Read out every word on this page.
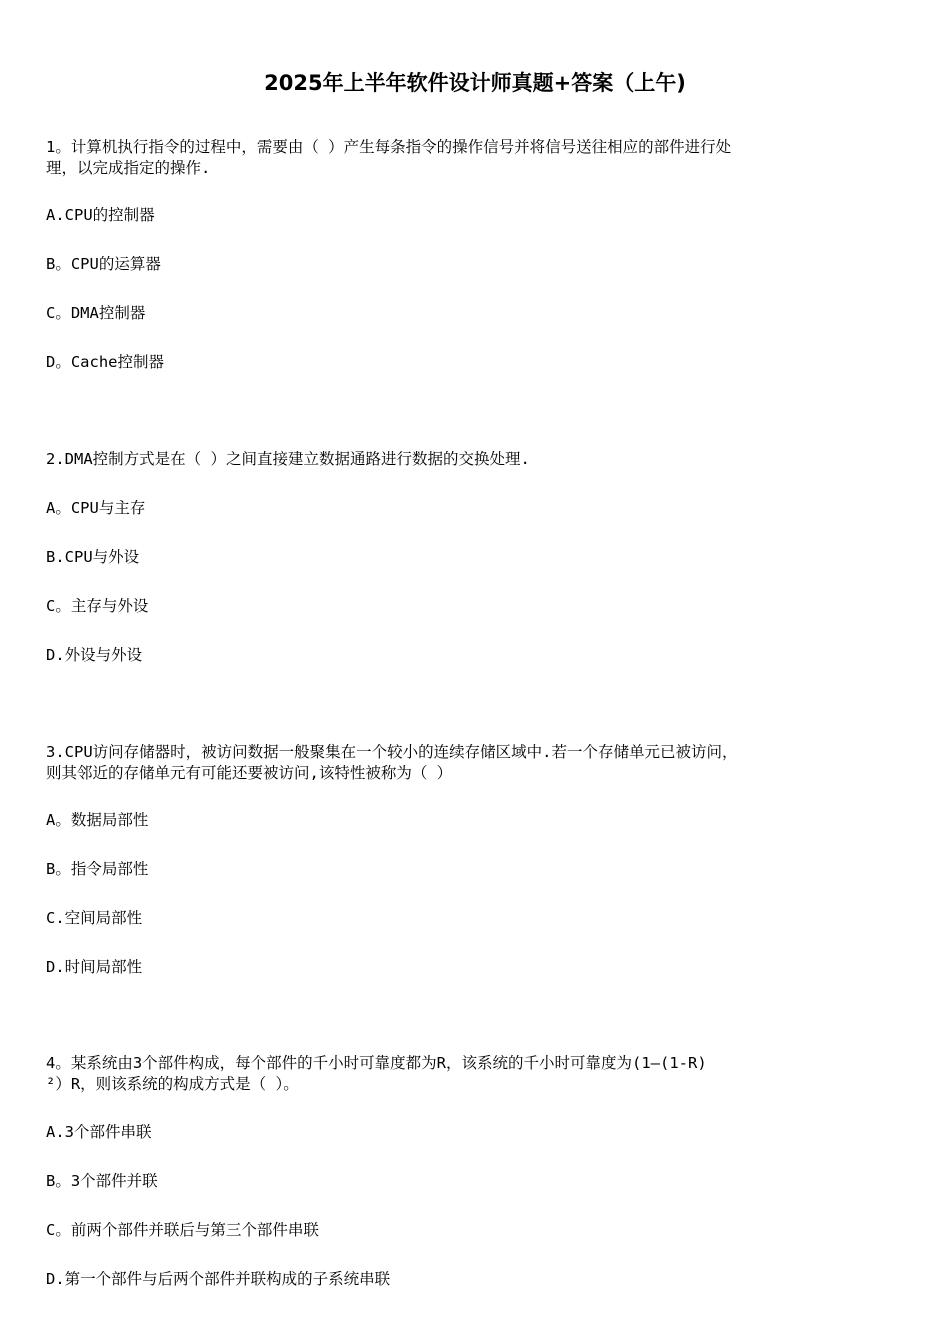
2025年上半年软件设计师真题+答案（上午)
1。计算机执行指令的过程中，需要由（ ）产生每条指令的操作信号并将信号送往相应的部件进行处
理，以完成指定的操作.
A.CPU的控制器
B。CPU的运算器
C。DMA控制器
D。Cache控制器
2.DMA控制方式是在（ ）之间直接建立数据通路进行数据的交换处理.
A。CPU与主存
B.CPU与外设
C。主存与外设
D.外设与外设
3.CPU访问存储器时，被访问数据一般聚集在一个较小的连续存储区域中.若一个存储单元已被访问，
则其邻近的存储单元有可能还要被访问,该特性被称为（ ）
A。数据局部性
B。指令局部性
C.空间局部性
D.时间局部性
4。某系统由3个部件构成，每个部件的千小时可靠度都为R，该系统的千小时可靠度为(1—(1-R)
²）R，则该系统的构成方式是（ ）。
A.3个部件串联
B。3个部件并联
C。前两个部件并联后与第三个部件串联
D.第一个部件与后两个部件并联构成的子系统串联
